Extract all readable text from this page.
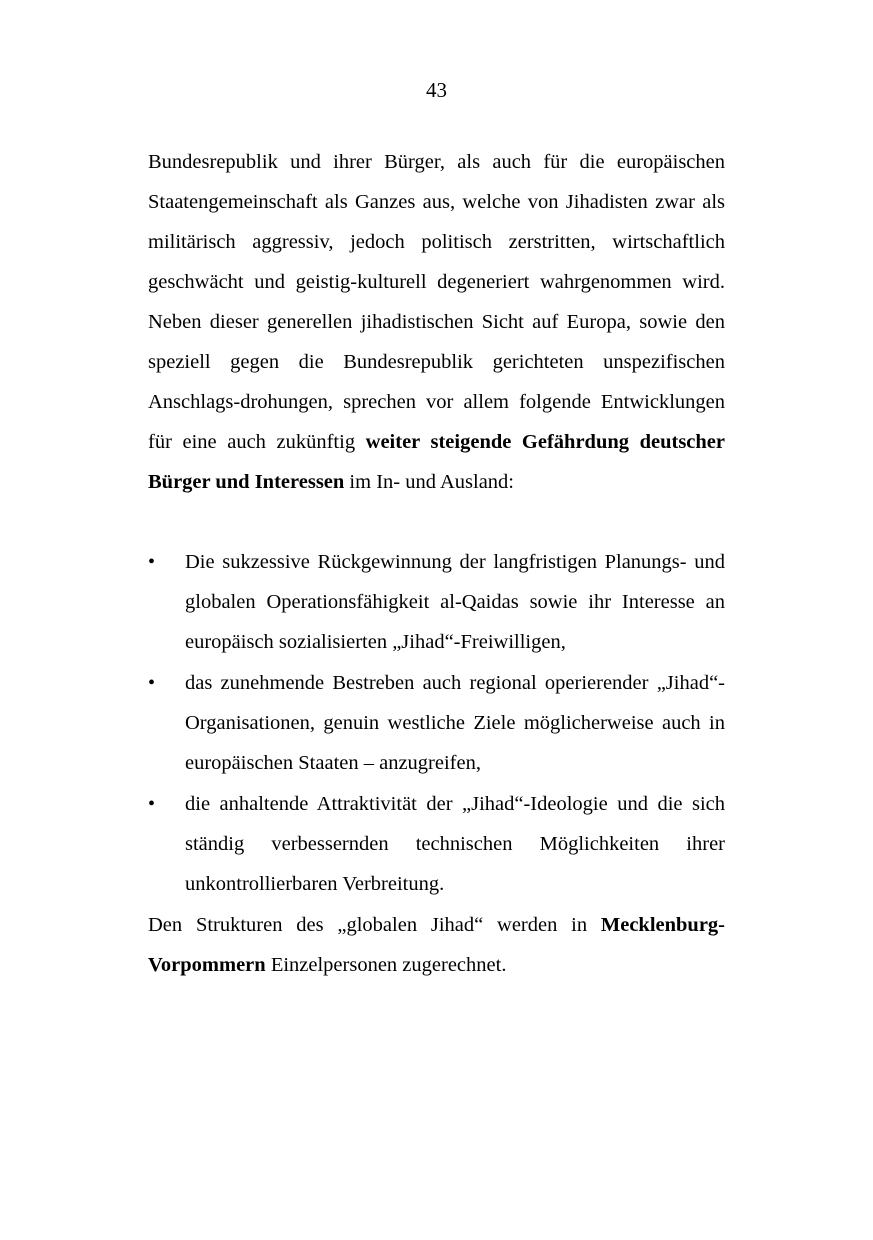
43

Bundesrepublik und ihrer Bürger, als auch für die europäischen Staatengemeinschaft als Ganzes aus, welche von Jihadisten zwar als militärisch aggressiv, jedoch politisch zerstritten, wirtschaftlich geschwächt und geistig-kulturell degeneriert wahrgenommen wird. Neben dieser generellen jihadistischen Sicht auf Europa, sowie den speziell gegen die Bundesrepublik gerichteten unspezifischen Anschlags-drohungen, sprechen vor allem folgende Entwicklungen für eine auch zukünftig weiter steigende Gefährdung deutscher Bürger und Interessen im In- und Ausland:

•	Die sukzessive Rückgewinnung der langfristigen Planungs- und globalen Operationsfähigkeit al-Qaidas sowie ihr Interesse an europäisch sozialisierten „Jihad“-Freiwilligen,
•	das zunehmende Bestreben auch regional operierender „Jihad“- Organisationen, genuin westliche Ziele möglicherweise auch in europäischen Staaten – anzugreifen,
•	die anhaltende Attraktivität der „Jihad“-Ideologie und die sich ständig verbessernden technischen Möglichkeiten ihrer unkontrollierbaren Verbreitung.

Den Strukturen des „globalen Jihad“ werden in Mecklenburg-Vorpommern Einzelpersonen zugerechnet.
